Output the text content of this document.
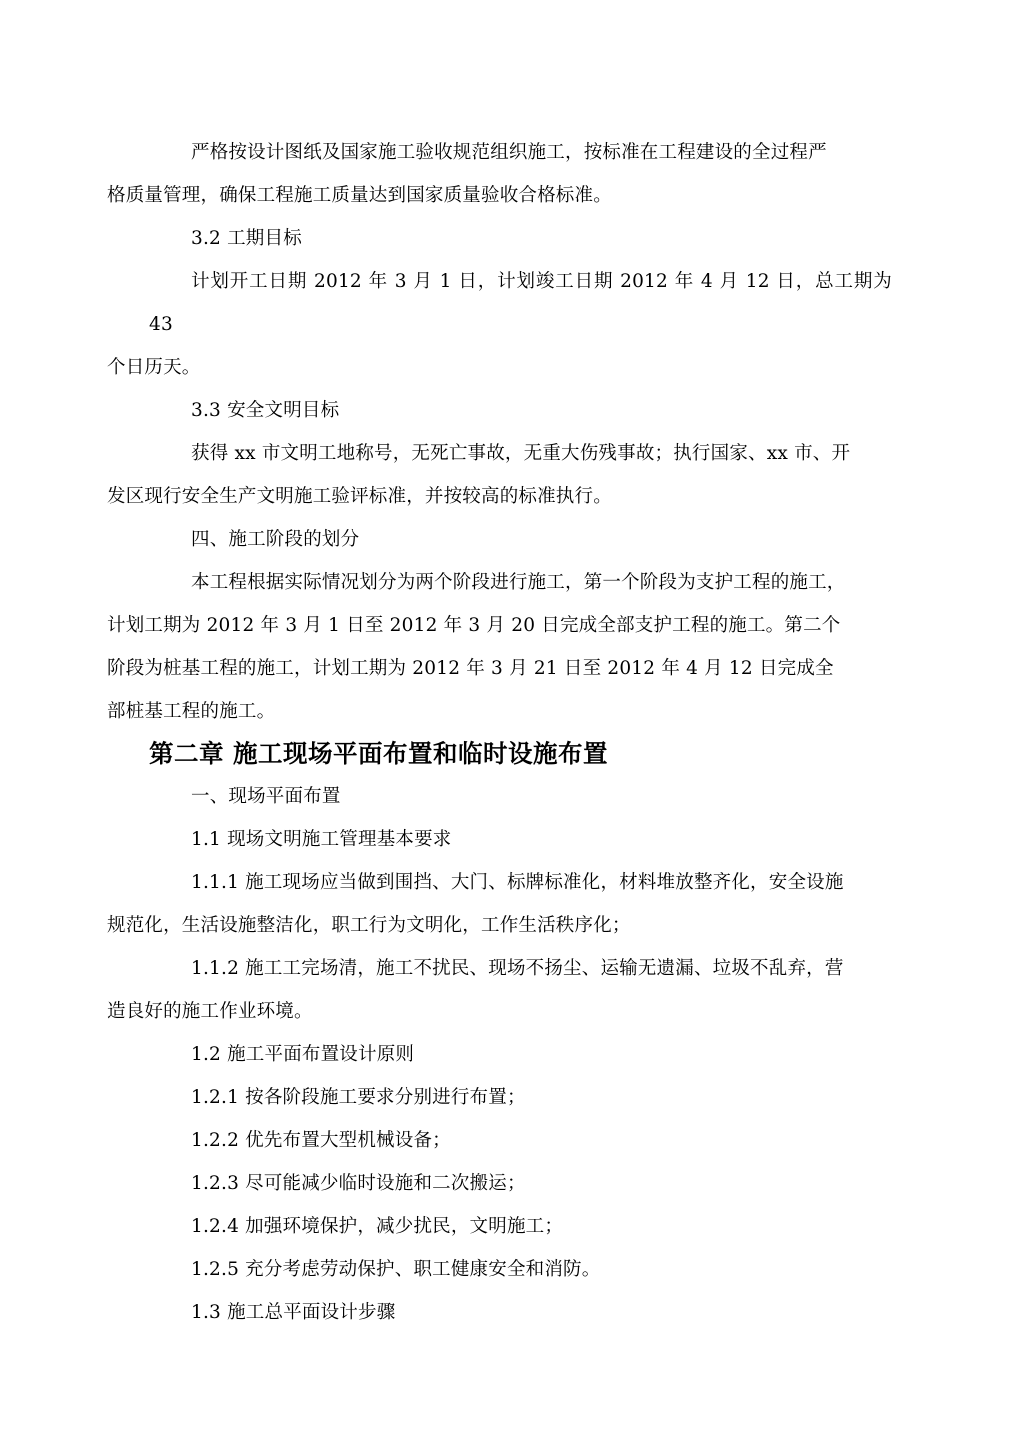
严格按设计图纸及国家施工验收规范组织施工，按标准在工程建设的全过程严
格质量管理，确保工程施工质量达到国家质量验收合格标准。

3.2 工期目标

计划开工日期 2012 年 3 月 1 日，计划竣工日期 2012 年 4 月 12 日，总工期为 43
个日历天。

3.3 安全文明目标

获得 xx 市文明工地称号，无死亡事故，无重大伤残事故；执行国家、xx 市、开
发区现行安全生产文明施工验评标准，并按较高的标准执行。

四、施工阶段的划分

本工程根据实际情况划分为两个阶段进行施工，第一个阶段为支护工程的施工，
计划工期为 2012 年 3 月 1 日至 2012 年 3 月 20 日完成全部支护工程的施工。第二个
阶段为桩基工程的施工，计划工期为 2012 年 3 月 21 日至 2012 年 4 月 12 日完成全
部桩基工程的施工。

第二章 施工现场平面布置和临时设施布置

一、现场平面布置

1.1 现场文明施工管理基本要求

1.1.1 施工现场应当做到围挡、大门、标牌标准化，材料堆放整齐化，安全设施
规范化，生活设施整洁化，职工行为文明化，工作生活秩序化；

1.1.2 施工工完场清，施工不扰民、现场不扬尘、运输无遗漏、垃圾不乱弃，营
造良好的施工作业环境。

1.2 施工平面布置设计原则

1.2.1 按各阶段施工要求分别进行布置；

1.2.2 优先布置大型机械设备；

1.2.3 尽可能减少临时设施和二次搬运；

1.2.4 加强环境保护，减少扰民，文明施工；

1.2.5 充分考虑劳动保护、职工健康安全和消防。

1.3 施工总平面设计步骤
